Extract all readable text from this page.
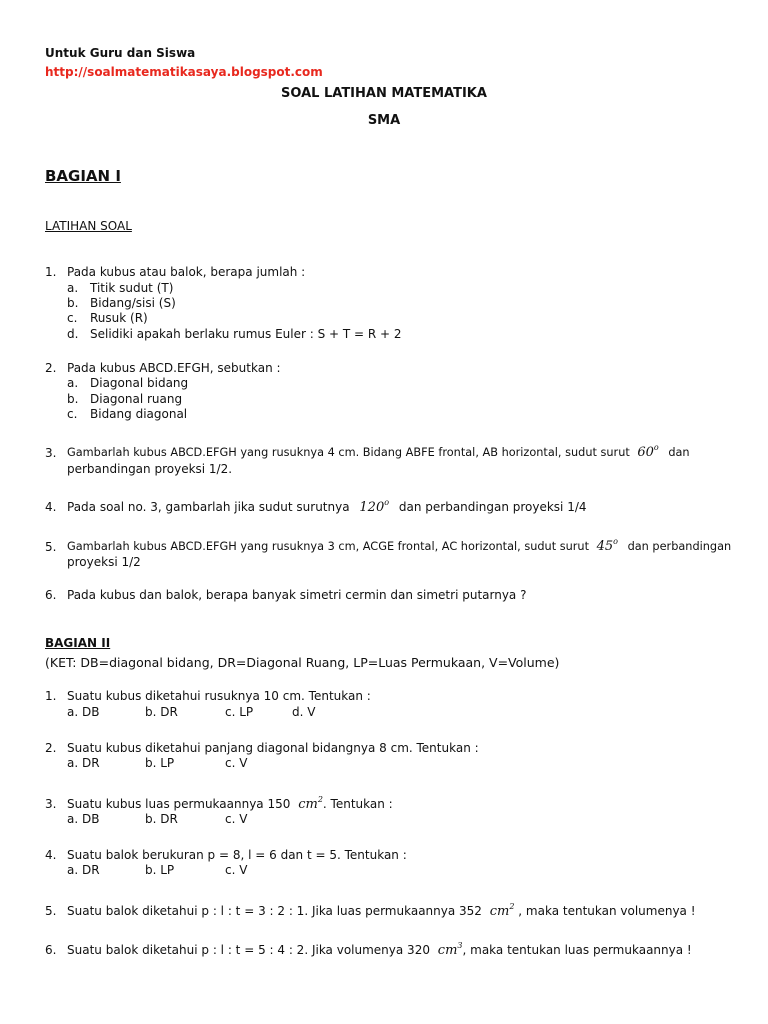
Untuk Guru dan Siswa
http://soalmatematikasaya.blogspot.com
SOAL LATIHAN MATEMATIKA
SMA
BAGIAN I
LATIHAN SOAL
1. Pada kubus atau balok, berapa jumlah :
a. Titik sudut (T)
b. Bidang/sisi (S)
c. Rusuk (R)
d. Selidiki apakah berlaku rumus Euler : S + T = R + 2
2. Pada kubus ABCD.EFGH, sebutkan :
a. Diagonal bidang
b. Diagonal ruang
c. Bidang diagonal
3. Gambarlah kubus ABCD.EFGH yang rusuknya 4 cm. Bidang ABFE frontal, AB horizontal, sudut surut 60$^o$ dan
perbandingan proyeksi 1/2.
4. Pada soal no. 3, gambarlah jika sudut surutnya 120$^o$ dan perbandingan proyeksi 1/4
5. Gambarlah kubus ABCD.EFGH yang rusuknya 3 cm, ACGE frontal, AC horizontal, sudut surut 45$^o$ dan perbandingan
proyeksi 1/2
6. Pada kubus dan balok, berapa banyak simetri cermin dan simetri putarnya ?
BAGIAN II
(KET: DB=diagonal bidang, DR=Diagonal Ruang, LP=Luas Permukaan, V=Volume)
1. Suatu kubus diketahui rusuknya 10 cm. Tentukan :
a. DB	b. DR	c. LP	d. V
2. Suatu kubus diketahui panjang diagonal bidangnya 8 cm. Tentukan :
a. DR	b. LP	c. V
3. Suatu kubus luas permukaannya 150 $cm^2$. Tentukan :
a. DB	b. DR	c. V
4. Suatu balok berukuran p = 8, l = 6 dan t = 5. Tentukan :
a. DR	b. LP	c. V
5. Suatu balok diketahui p : l : t = 3 : 2 : 1. Jika luas permukaannya 352 $cm^2$ , maka tentukan volumenya !
6. Suatu balok diketahui p : l : t = 5 : 4 : 2. Jika volumenya 320 $cm^3$, maka tentukan luas permukaannya !
